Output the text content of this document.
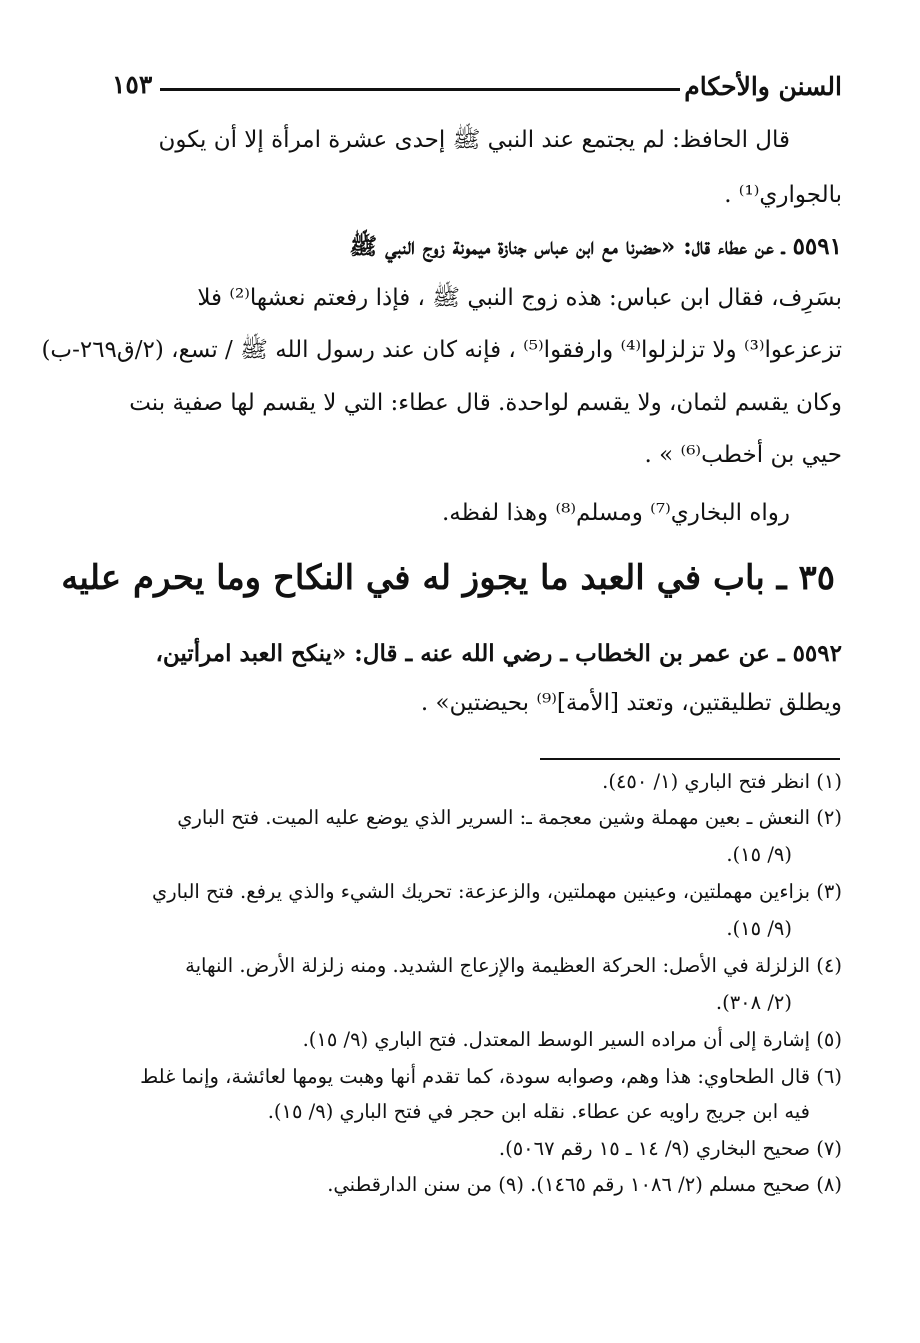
السنن والأحكام
١٥٣
قال الحافظ: لم يجتمع عند النبي ﷺ إحدى عشرة امرأة إلا أن يكون
بالجواري⁽¹⁾ .
٥٥٩١ ـ عن عطاء قال: «حضرنا مع ابن عباس جنازة ميمونة زوج النبي ﷺ
بسَرِف، فقال ابن عباس: هذه زوج النبي ﷺ ، فإذا رفعتم نعشها⁽²⁾ فلا
تزعزعوا⁽³⁾ ولا تزلزلوا⁽⁴⁾ وارفقوا⁽⁵⁾ ، فإنه كان عند رسول الله ﷺ / تسع، (٢/ق٢٦٩-ب)
وكان يقسم لثمان، ولا يقسم لواحدة. قال عطاء: التي لا يقسم لها صفية بنت
حيي بن أخطب⁽⁶⁾ » .
رواه البخاري⁽⁷⁾ ومسلم⁽⁸⁾ وهذا لفظه.
٣٥ ـ باب في العبد ما يجوز له في النكاح وما يحرم عليه
٥٥٩٢ ـ عن عمر بن الخطاب ـ رضي الله عنه ـ قال: «ينكح العبد امرأتين،
ويطلق تطليقتين، وتعتد [الأمة]⁽⁹⁾ بحيضتين» .
(١) انظر فتح الباري (١/ ٤٥٠).
(٢) النعش ـ بعين مهملة وشين معجمة ـ: السرير الذي يوضع عليه الميت. فتح الباري
(٩/ ١٥).
(٣) بزاءين مهملتين، وعينين مهملتين، والزعزعة: تحريك الشيء والذي يرفع. فتح الباري
(٩/ ١٥).
(٤) الزلزلة في الأصل: الحركة العظيمة والإزعاج الشديد. ومنه زلزلة الأرض. النهاية
(٢/ ٣٠٨).
(٥) إشارة إلى أن مراده السير الوسط المعتدل. فتح الباري (٩/ ١٥).
(٦) قال الطحاوي: هذا وهم، وصوابه سودة، كما تقدم أنها وهبت يومها لعائشة، وإنما غلط
فيه ابن جريج راويه عن عطاء. نقله ابن حجر في فتح الباري (٩/ ١٥).
(٧) صحيح البخاري (٩/ ١٤ ـ ١٥ رقم ٥٠٦٧).
(٨) صحيح مسلم (٢/ ١٠٨٦ رقم ١٤٦٥). (٩) من سنن الدارقطني.
